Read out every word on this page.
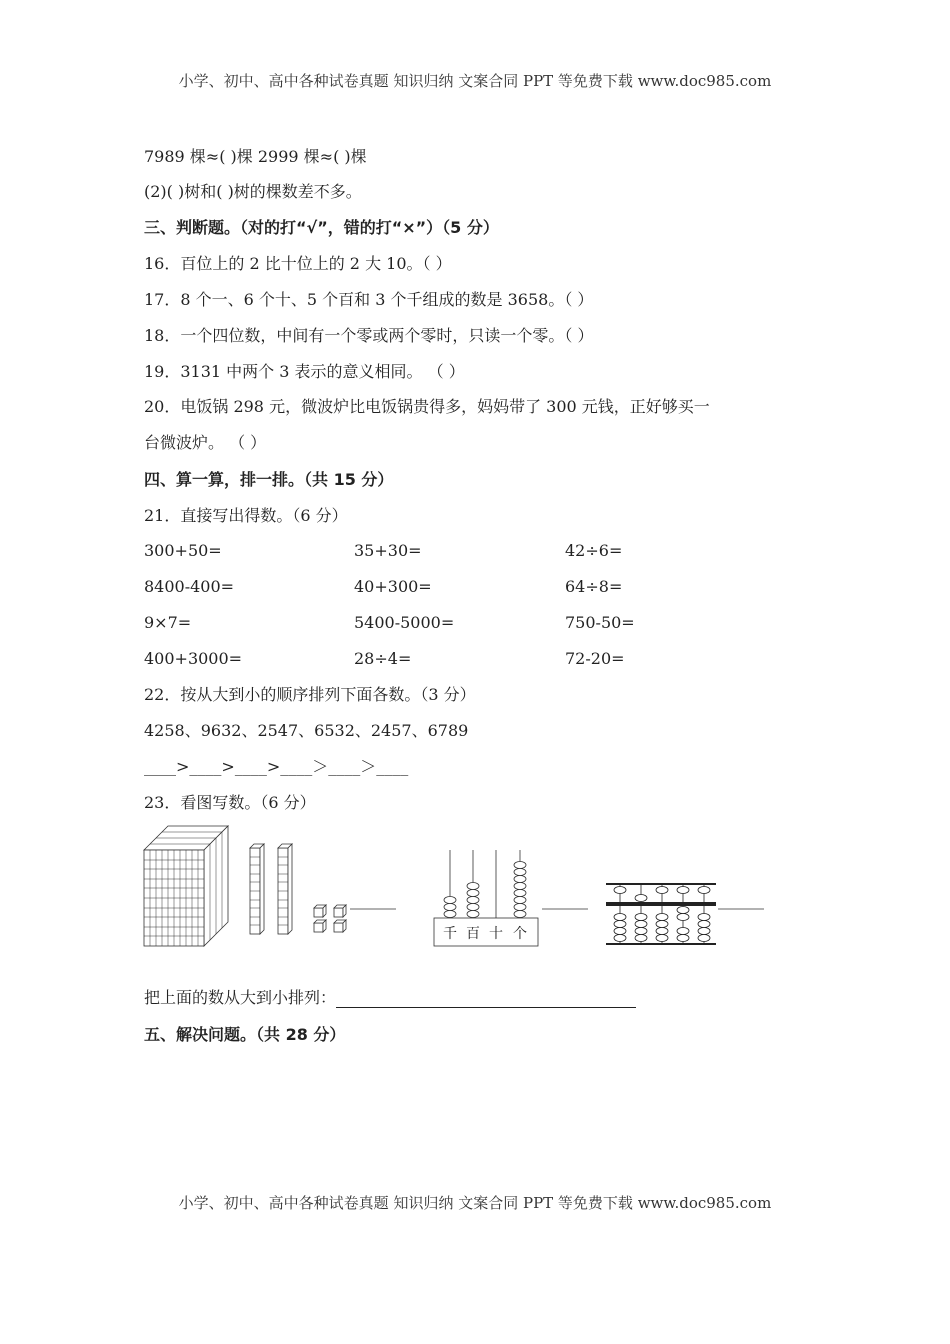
小学、初中、高中各种试卷真题 知识归纳 文案合同 PPT 等免费下载 www.doc985.com
7989 棵≈( )棵 2999 棵≈( )棵
(2)( )树和( )树的棵数差不多。
三、判断题。（对的打“√”，错的打“×”）（5 分）
16．百位上的 2 比十位上的 2 大 10。（ ）
17．8 个一、6 个十、5 个百和 3 个千组成的数是 3658。（ ）
18．一个四位数，中间有一个零或两个零时，只读一个零。（ ）
19．3131 中两个 3 表示的意义相同。 （ ）
20．电饭锅 298 元，微波炉比电饭锅贵得多，妈妈带了 300 元钱，正好够买一
台微波炉。 （ ）
四、算一算，排一排。（共 15 分）
21．直接写出得数。（6 分）
300+50=	35+30=	42÷6=
8400-400=	40+300=	64÷8=
9×7=	5400-5000=	750-50=
400+3000=	28÷4=	72-20=
22．按从大到小的顺序排列下面各数。（3 分）
4258、9632、2547、6532、2457、6789
____>____>____>____＞____＞____
23．看图写数。（6 分）
千 百 十 个
把上面的数从大到小排列：
五、解决问题。（共 28 分）
小学、初中、高中各种试卷真题 知识归纳 文案合同 PPT 等免费下载 www.doc985.com
